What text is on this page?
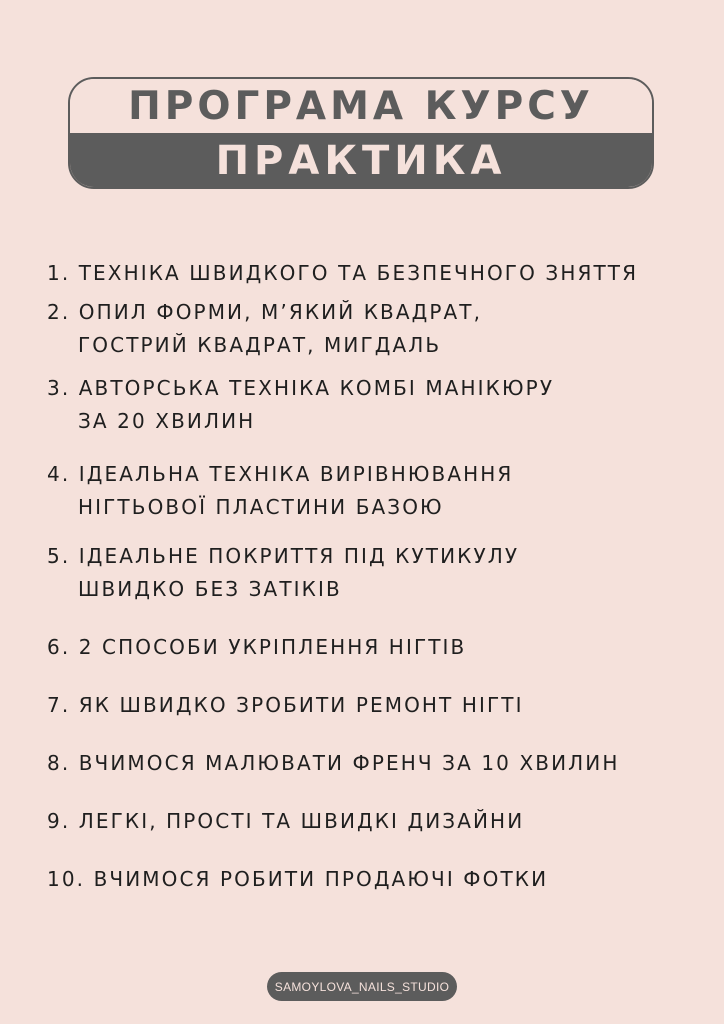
ПРОГРАМА КУРСУ
ПРАКТИКА
1. ТЕХНІКА ШВИДКОГО ТА БЕЗПЕЧНОГО ЗНЯТТЯ
2. ОПИЛ ФОРМИ, М’ЯКИЙ КВАДРАТ,
ГОСТРИЙ КВАДРАТ, МИГДАЛЬ
3. АВТОРСЬКА ТЕХНІКА КОМБІ МАНІКЮРУ
ЗА 20 ХВИЛИН
4. ІДЕАЛЬНА ТЕХНІКА ВИРІВНЮВАННЯ
НІГТЬОВОЇ ПЛАСТИНИ БАЗОЮ
5. ІДЕАЛЬНЕ ПОКРИТТЯ ПІД КУТИКУЛУ
ШВИДКО БЕЗ ЗАТІКІВ
6. 2 СПОСОБИ УКРІПЛЕННЯ НІГТІВ
7. ЯК ШВИДКО ЗРОБИТИ РЕМОНТ НІГТІ
8. ВЧИМОСЯ МАЛЮВАТИ ФРЕНЧ ЗА 10 ХВИЛИН
9. ЛЕГКІ, ПРОСТІ ТА ШВИДКІ ДИЗАЙНИ
10. ВЧИМОСЯ РОБИТИ ПРОДАЮЧІ ФОТКИ
SAMOYLOVA_NAILS_STUDIO
